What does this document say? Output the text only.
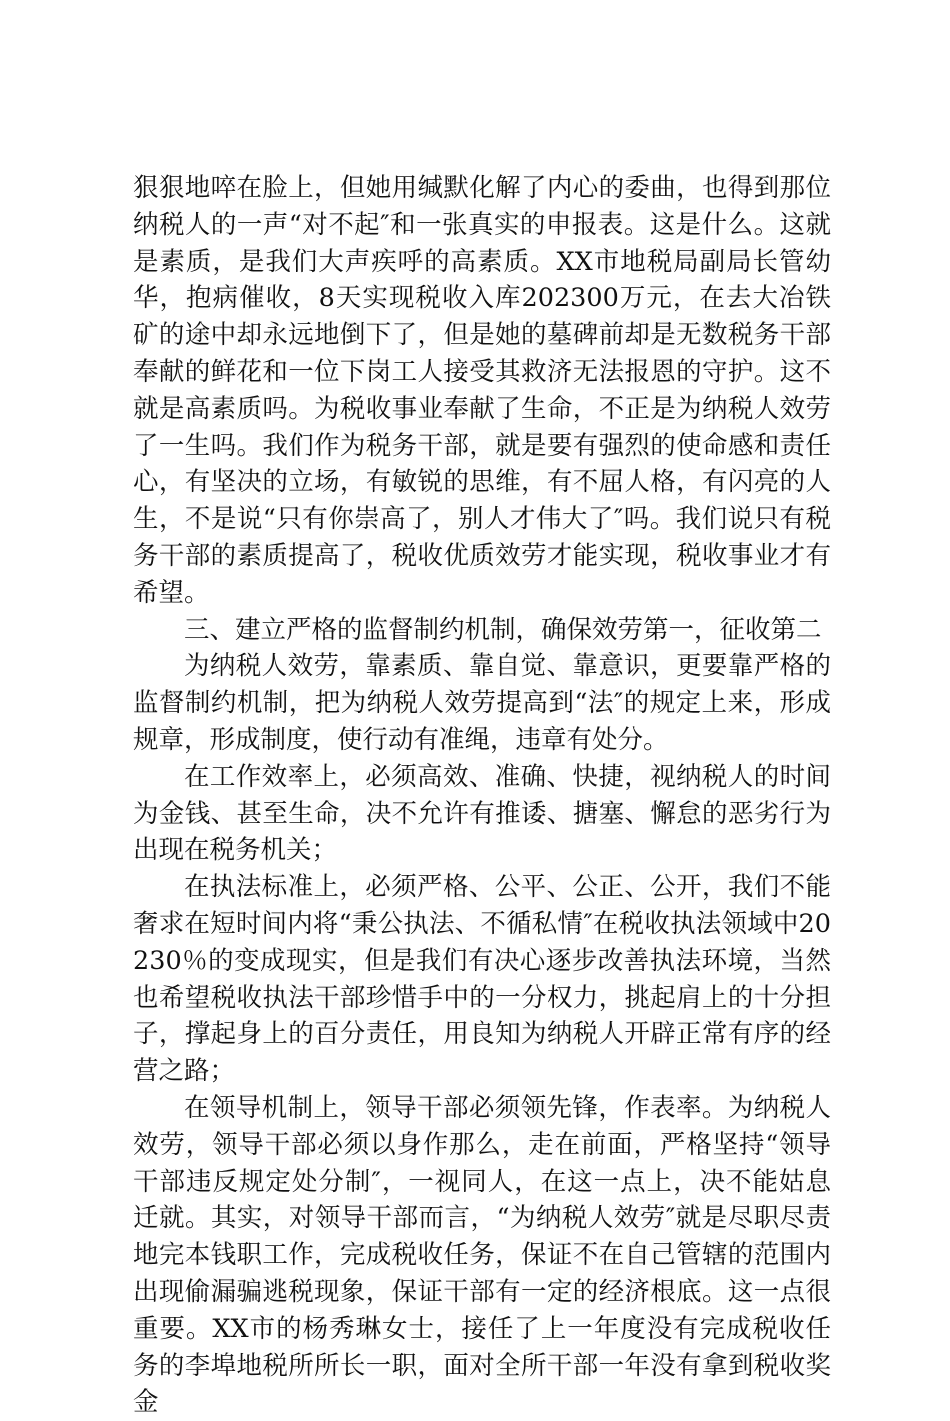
狠狠地啐在脸上，但她用缄默化解了内心的委曲，也得到那位纳税人的一声“对不起″和一张真实的申报表。这是什么。这就是素质，是我们大声疾呼的高素质。XX市地税局副局长管幼华，抱病催收，8天实现税收入库202300万元，在去大冶铁矿的途中却永远地倒下了，但是她的墓碑前却是无数税务干部奉献的鲜花和一位下岗工人接受其救济无法报恩的守护。这不就是高素质吗。为税收事业奉献了生命，不正是为纳税人效劳了一生吗。我们作为税务干部，就是要有强烈的使命感和责任心，有坚决的立场，有敏锐的思维，有不屈人格，有闪亮的人生，不是说“只有你崇高了，别人才伟大了″吗。我们说只有税务干部的素质提高了，税收优质效劳才能实现，税收事业才有希望。

三、建立严格的监督制约机制，确保效劳第一，征收第二

为纳税人效劳，靠素质、靠自觉、靠意识，更要靠严格的监督制约机制，把为纳税人效劳提高到“法″的规定上来，形成规章，形成制度，使行动有准绳，违章有处分。

在工作效率上，必须高效、准确、快捷，视纳税人的时间为金钱、甚至生命，决不允许有推诿、搪塞、懈怠的恶劣行为出现在税务机关；

在执法标准上，必须严格、公平、公正、公开，我们不能奢求在短时间内将“秉公执法、不循私情″在税收执法领域中20230％的变成现实，但是我们有决心逐步改善执法环境，当然也希望税收执法干部珍惜手中的一分权力，挑起肩上的十分担子，撑起身上的百分责任，用良知为纳税人开辟正常有序的经营之路；

在领导机制上，领导干部必须领先锋，作表率。为纳税人效劳，领导干部必须以身作那么，走在前面，严格坚持“领导干部违反规定处分制″，一视同人，在这一点上，决不能姑息迁就。其实，对领导干部而言，“为纳税人效劳″就是尽职尽责地完本钱职工作，完成税收任务，保证不在自己管辖的范围内出现偷漏骗逃税现象，保证干部有一定的经济根底。这一点很重要。XX市的杨秀琳女士，接任了上一年度没有完成税收任务的李埠地税所所长一职，面对全所干部一年没有拿到税收奖金
